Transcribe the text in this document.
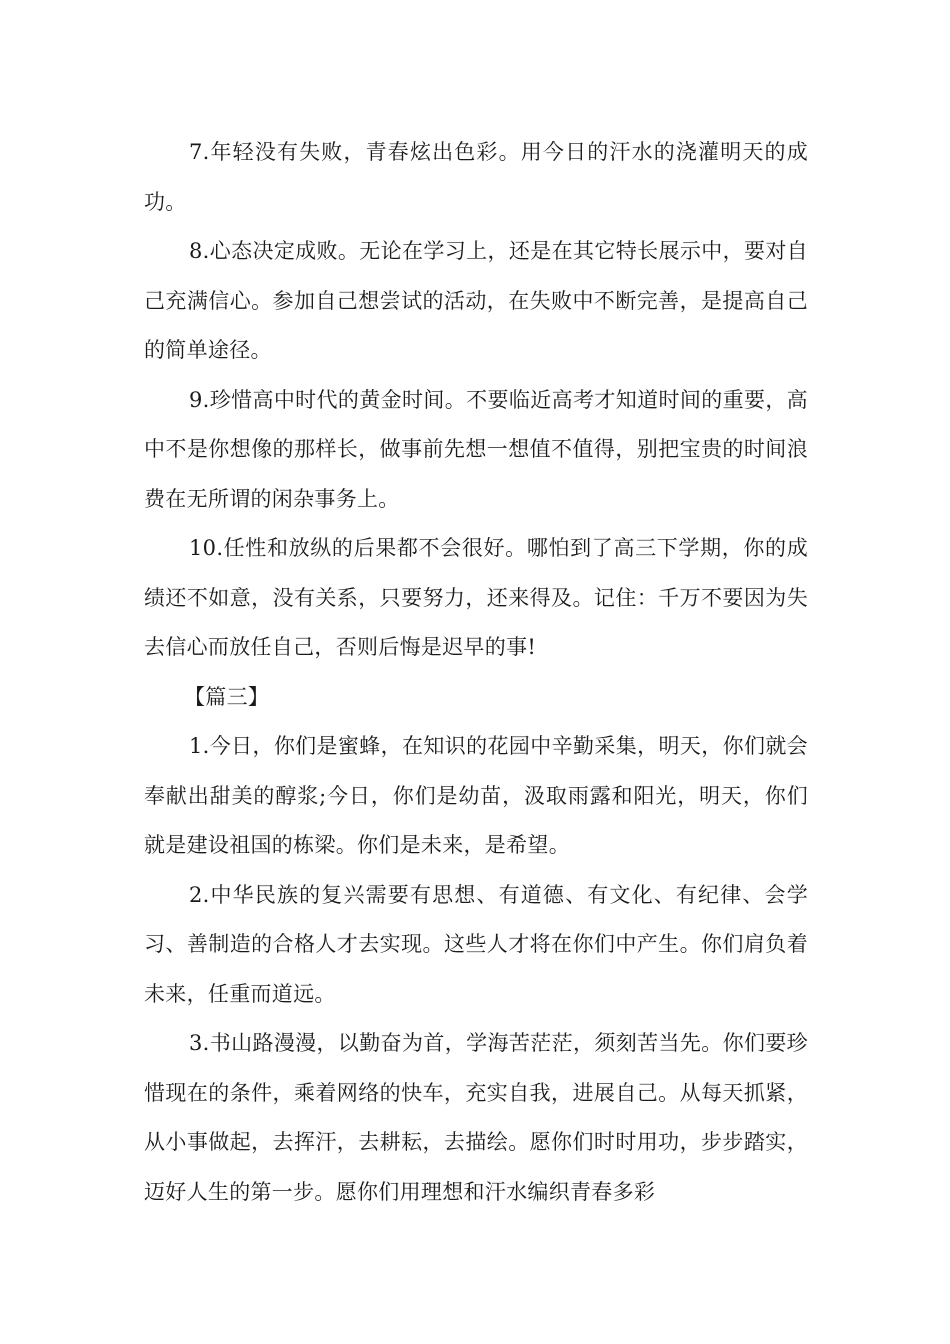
7.年轻没有失败，青春炫出色彩。用今日的汗水的浇灌明天的成功。

8.心态决定成败。无论在学习上，还是在其它特长展示中，要对自己充满信心。参加自己想尝试的活动，在失败中不断完善，是提高自己的简单途径。

9.珍惜高中时代的黄金时间。不要临近高考才知道时间的重要，高中不是你想像的那样长，做事前先想一想值不值得，别把宝贵的时间浪费在无所谓的闲杂事务上。

10.任性和放纵的后果都不会很好。哪怕到了高三下学期，你的成绩还不如意，没有关系，只要努力，还来得及。记住：千万不要因为失去信心而放任自己，否则后悔是迟早的事!

【篇三】

1.今日，你们是蜜蜂，在知识的花园中辛勤采集，明天，你们就会奉献出甜美的醇浆;今日，你们是幼苗，汲取雨露和阳光，明天，你们就是建设祖国的栋梁。你们是未来，是希望。

2.中华民族的复兴需要有思想、有道德、有文化、有纪律、会学习、善制造的合格人才去实现。这些人才将在你们中产生。你们肩负着未来，任重而道远。

3.书山路漫漫，以勤奋为首，学海苦茫茫，须刻苦当先。你们要珍惜现在的条件，乘着网络的快车，充实自我，进展自己。从每天抓紧，从小事做起，去挥汗，去耕耘，去描绘。愿你们时时用功，步步踏实，迈好人生的第一步。愿你们用理想和汗水编织青春多彩
